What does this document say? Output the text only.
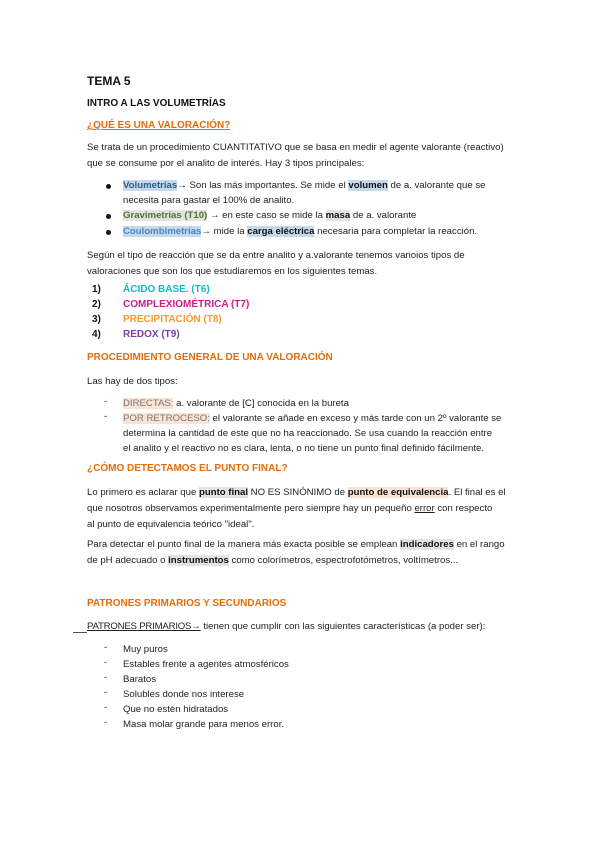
TEMA 5
INTRO A LAS VOLUMETRÍAS
¿QUÉ ES UNA VALORACIÓN?
Se trata de un procedimiento CUANTITATIVO que se basa en medir el agente valorante (reactivo)
que se consume por el analito de interés. Hay 3 tipos principales:
Volumetrías→ Son las más importantes. Se mide el volumen de a. valorante que se
necesita para gastar el 100% de analito.
Gravimetrías (T10) → en este caso se mide la masa de a. valorante
Coulombimetrías→ mide la carga eléctrica necesaria para completar la reacción.
Según el tipo de reacción que se da entre analito y a.valorante tenemos varioios tipos de
valoraciones que son los que estudiaremos en los siguientes temas.
1) ÁCIDO BASE. (T6)
2) COMPLEXIOMÉTRICA (T7)
3) PRECIPITACIÓN (T8)
4) REDOX (T9)
PROCEDIMIENTO GENERAL DE UNA VALORACIÓN
Las hay de dos tipos:
- DIRECTAS: a. valorante de [C] conocida en la bureta
- POR RETROCESO: el valorante se añade en exceso y más tarde con un 2º valorante se
determina la cantidad de este que no ha reaccionado. Se usa cuando la reacción entre
el analito y el reactivo no es clara, lenta, o no tiene un punto final definido fácilmente.
¿CÓMO DETECTAMOS EL PUNTO FINAL?
Lo primero es aclarar que punto final NO ES SINÓNIMO de punto de equivalencia. El final es el
que nosotros observamos experimentalmente pero siempre hay un pequeño error con respecto
al punto de equivalencia teórico "ideal".
Para detectar el punto final de la manera más exacta posible se emplean indicadores en el rango
de pH adecuado o instrumentos como colorímetros, espectrofotómetros, voltímetros...
PATRONES PRIMARIOS Y SECUNDARIOS
PATRONES PRIMARIOS→ tienen que cumplir con las siguientes características (a poder ser):
- Muy puros
- Estables frente a agentes atmosféricos
- Baratos
- Solubles donde nos interese
- Que no estén hidratados
- Masa molar grande para menos error.
